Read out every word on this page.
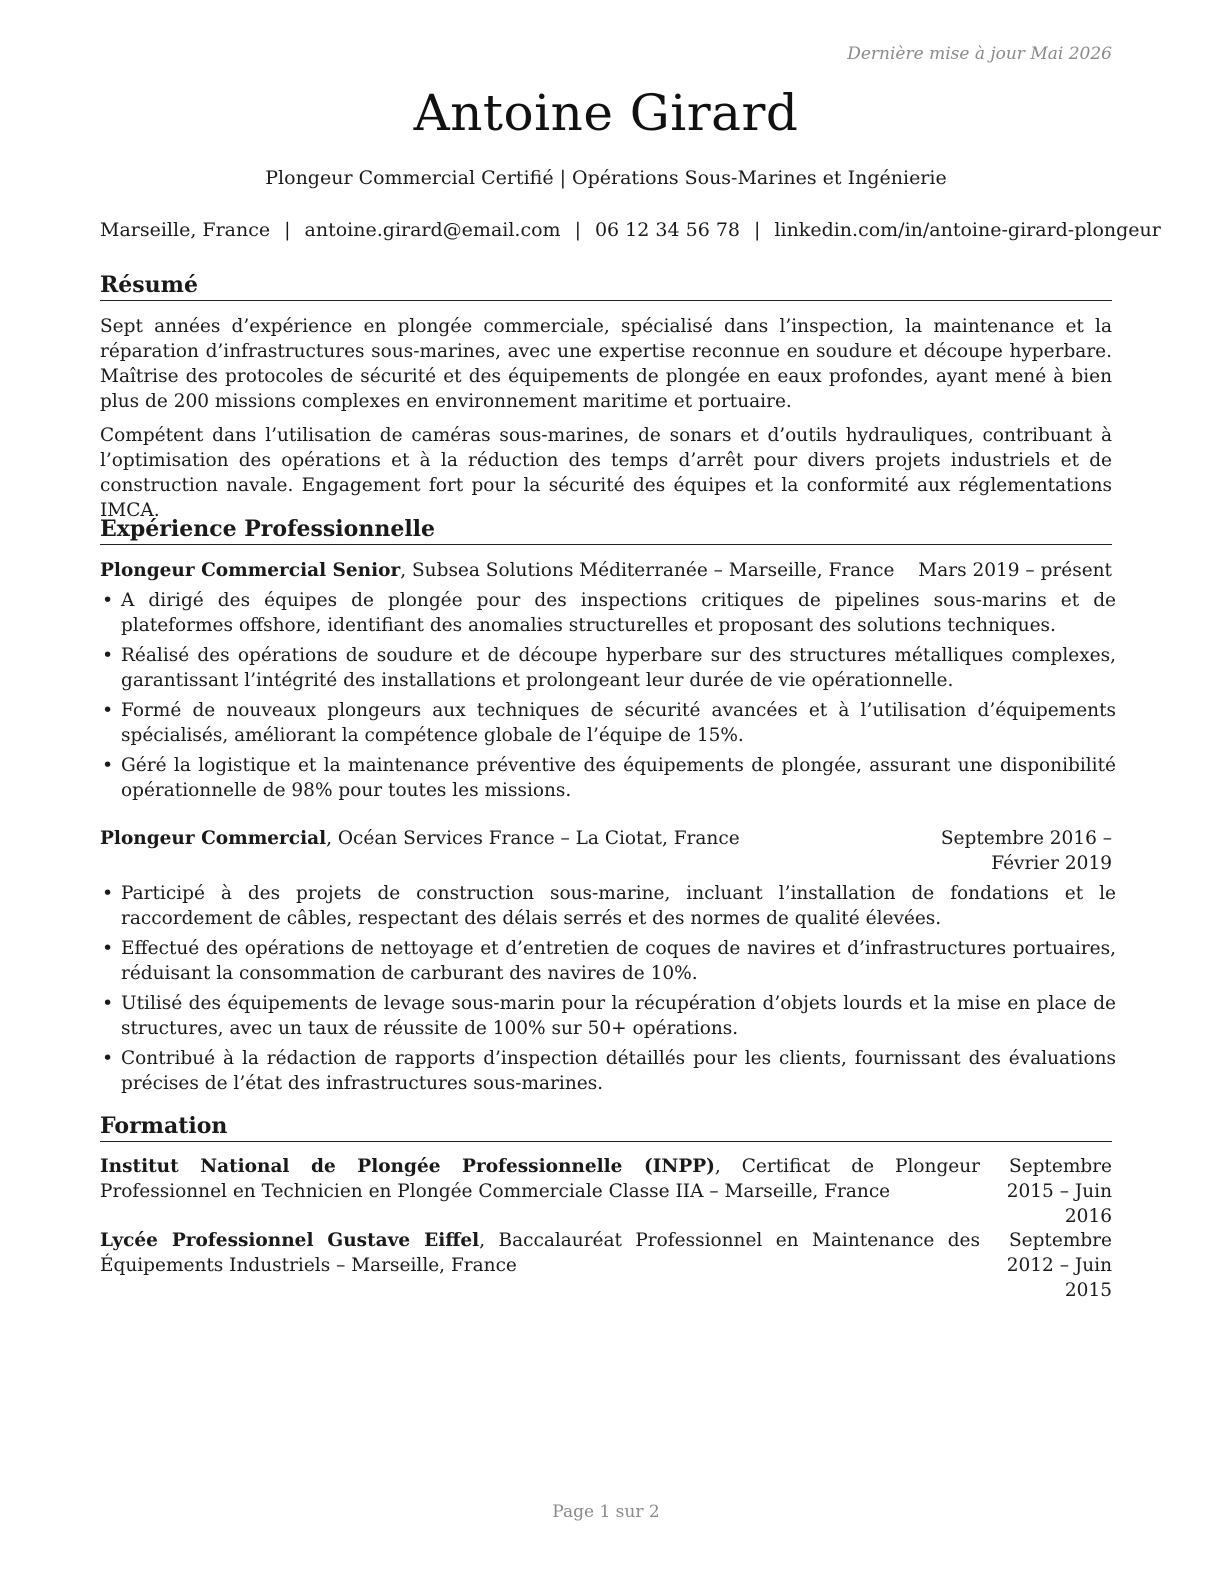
Dernière mise à jour Mai 2026
Antoine Girard
Plongeur Commercial Certifié | Opérations Sous-Marines et Ingénierie
Marseille, France | antoine.girard@email.com | 06 12 34 56 78 | linkedin.com/in/antoine-girard-plongeur
Résumé

Sept années d’expérience en plongée commerciale, spécialisé dans l’inspection, la maintenance et la réparation d’infrastructures sous-marines, avec une expertise reconnue en soudure et découpe hyperbare. Maîtrise des protocoles de sécurité et des équipements de plongée en eaux profondes, ayant mené à bien plus de 200 missions complexes en environnement maritime et portuaire.

Compétent dans l’utilisation de caméras sous-marines, de sonars et d’outils hydrauliques, contribuant à l’optimisation des opérations et à la réduction des temps d’arrêt pour divers projets industriels et de construction navale. Engagement fort pour la sécurité des équipes et la conformité aux réglementations IMCA.

Expérience Professionnelle
Plongeur Commercial Senior, Subsea Solutions Méditerranée – Marseille, France Mars 2019 – présent
• A dirigé des équipes de plongée pour des inspections critiques de pipelines sous-marins et de plateformes offshore, identifiant des anomalies structurelles et proposant des solutions techniques.
• Réalisé des opérations de soudure et de découpe hyperbare sur des structures métalliques complexes, garantissant l’intégrité des installations et prolongeant leur durée de vie opérationnelle.
• Formé de nouveaux plongeurs aux techniques de sécurité avancées et à l’utilisation d’équipements spécialisés, améliorant la compétence globale de l’équipe de 15%.
• Géré la logistique et la maintenance préventive des équipements de plongée, assurant une disponibilité opérationnelle de 98% pour toutes les missions.
Plongeur Commercial, Océan Services France – La Ciotat, France	Septembre 2016 – Février 2019
• Participé à des projets de construction sous-marine, incluant l’installation de fondations et le raccordement de câbles, respectant des délais serrés et des normes de qualité élevées.
• Effectué des opérations de nettoyage et d’entretien de coques de navires et d’infrastructures portuaires, réduisant la consommation de carburant des navires de 10%.
• Utilisé des équipements de levage sous-marin pour la récupération d’objets lourds et la mise en place de structures, avec un taux de réussite de 100% sur 50+ opérations.
• Contribué à la rédaction de rapports d’inspection détaillés pour les clients, fournissant des évaluations précises de l’état des infrastructures sous-marines.
Formation
Institut National de Plongée Professionnelle (INPP), Certificat de Plongeur Professionnel en Technicien en Plongée Commerciale Classe IIA – Marseille, France
Septembre 2015 – Juin 2016
Lycée Professionnel Gustave Eiffel, Baccalauréat Professionnel en Maintenance des Équipements Industriels – Marseille, France
Septembre 2012 – Juin 2015
Page 1 sur 2
